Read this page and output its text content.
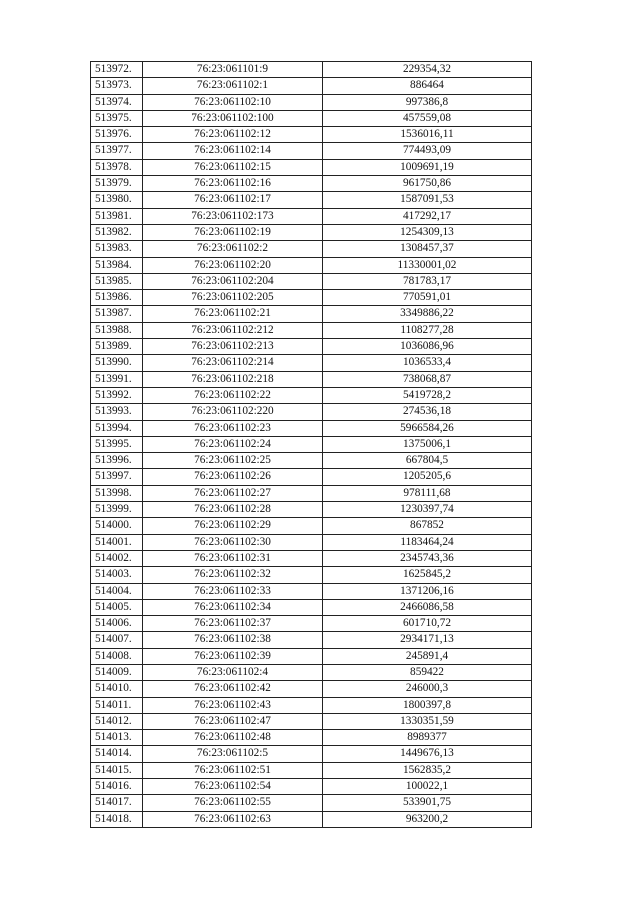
513972.	76:23:061101:9	229354,32
513973.	76:23:061102:1	886464
513974.	76:23:061102:10	997386,8
513975.	76:23:061102:100	457559,08
513976.	76:23:061102:12	1536016,11
513977.	76:23:061102:14	774493,09
513978.	76:23:061102:15	1009691,19
513979.	76:23:061102:16	961750,86
513980.	76:23:061102:17	1587091,53
513981.	76:23:061102:173	417292,17
513982.	76:23:061102:19	1254309,13
513983.	76:23:061102:2	1308457,37
513984.	76:23:061102:20	11330001,02
513985.	76:23:061102:204	781783,17
513986.	76:23:061102:205	770591,01
513987.	76:23:061102:21	3349886,22
513988.	76:23:061102:212	1108277,28
513989.	76:23:061102:213	1036086,96
513990.	76:23:061102:214	1036533,4
513991.	76:23:061102:218	738068,87
513992.	76:23:061102:22	5419728,2
513993.	76:23:061102:220	274536,18
513994.	76:23:061102:23	5966584,26
513995.	76:23:061102:24	1375006,1
513996.	76:23:061102:25	667804,5
513997.	76:23:061102:26	1205205,6
513998.	76:23:061102:27	978111,68
513999.	76:23:061102:28	1230397,74
514000.	76:23:061102:29	867852
514001.	76:23:061102:30	1183464,24
514002.	76:23:061102:31	2345743,36
514003.	76:23:061102:32	1625845,2
514004.	76:23:061102:33	1371206,16
514005.	76:23:061102:34	2466086,58
514006.	76:23:061102:37	601710,72
514007.	76:23:061102:38	2934171,13
514008.	76:23:061102:39	245891,4
514009.	76:23:061102:4	859422
514010.	76:23:061102:42	246000,3
514011.	76:23:061102:43	1800397,8
514012.	76:23:061102:47	1330351,59
514013.	76:23:061102:48	8989377
514014.	76:23:061102:5	1449676,13
514015.	76:23:061102:51	1562835,2
514016.	76:23:061102:54	100022,1
514017.	76:23:061102:55	533901,75
514018.	76:23:061102:63	963200,2
